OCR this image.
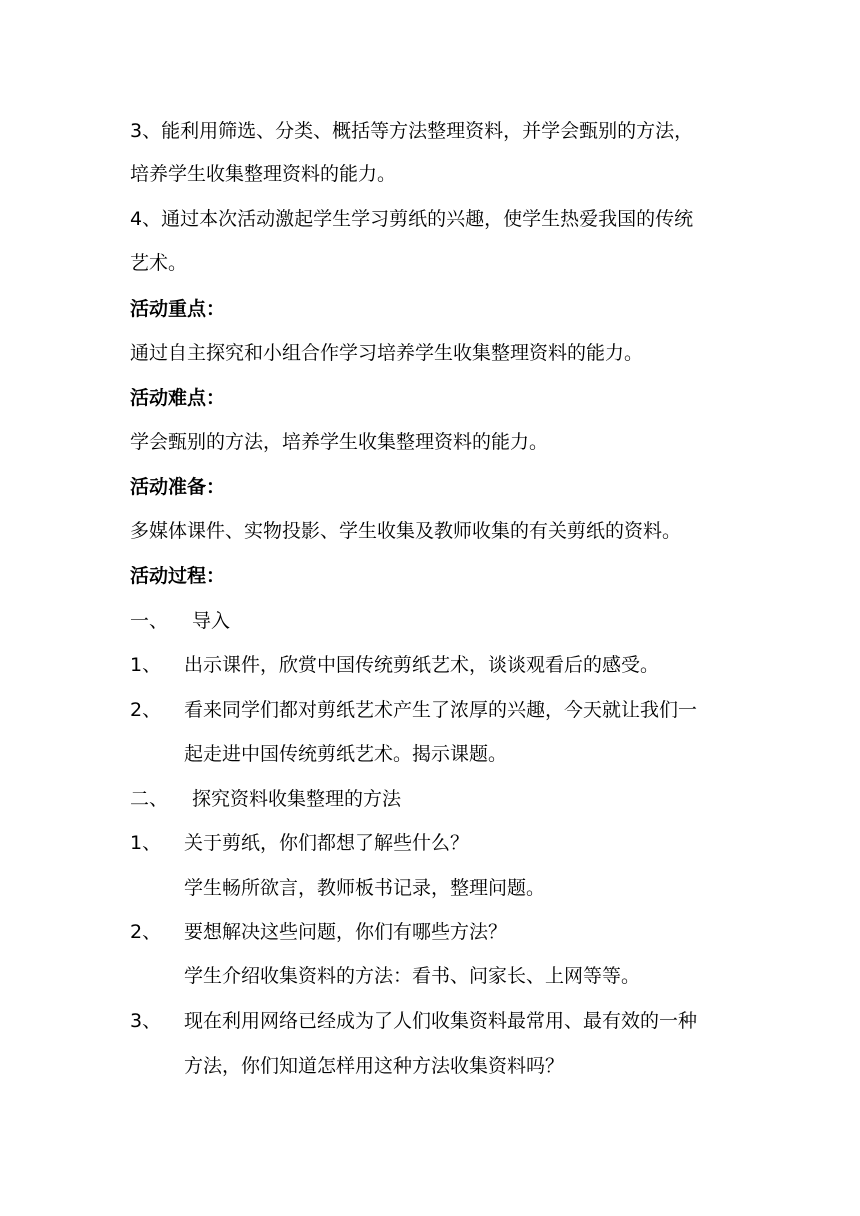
3、能利用筛选、分类、概括等方法整理资料，并学会甄别的方法，
培养学生收集整理资料的能力。
4、通过本次活动激起学生学习剪纸的兴趣，使学生热爱我国的传统
艺术。
活动重点：
通过自主探究和小组合作学习培养学生收集整理资料的能力。
活动难点：
学会甄别的方法，培养学生收集整理资料的能力。
活动准备：
多媒体课件、实物投影、学生收集及教师收集的有关剪纸的资料。
活动过程：
一、 导入
1、 出示课件，欣赏中国传统剪纸艺术，谈谈观看后的感受。
2、 看来同学们都对剪纸艺术产生了浓厚的兴趣，今天就让我们一
起走进中国传统剪纸艺术。揭示课题。
二、 探究资料收集整理的方法
1、 关于剪纸，你们都想了解些什么？
学生畅所欲言，教师板书记录，整理问题。
2、 要想解决这些问题，你们有哪些方法？
学生介绍收集资料的方法：看书、问家长、上网等等。
3、 现在利用网络已经成为了人们收集资料最常用、最有效的一种
方法，你们知道怎样用这种方法收集资料吗？
